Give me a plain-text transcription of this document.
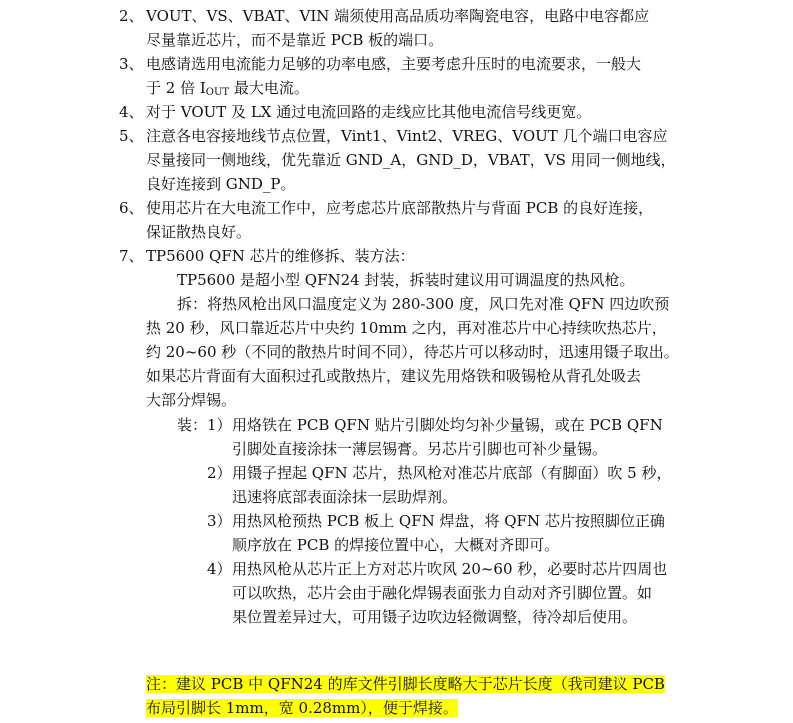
2、 VOUT、VS、VBAT、VIN 端须使用高品质功率陶瓷电容，电路中电容都应
尽量靠近芯片，而不是靠近 PCB 板的端口。
3、 电感请选用电流能力足够的功率电感，主要考虑升压时的电流要求，一般大
于 2 倍 $I_{OUT}$ 最大电流。
4、 对于 VOUT 及 LX 通过电流回路的走线应比其他电流信号线更宽。
5、 注意各电容接地线节点位置，Vint1、Vint2、VREG、VOUT 几个端口电容应
尽量接同一侧地线，优先靠近 GND_A，GND_D，VBAT，VS 用同一侧地线，
良好连接到 GND_P。
6、 使用芯片在大电流工作中，应考虑芯片底部散热片与背面 PCB 的良好连接，
保证散热良好。
7、 TP5600 QFN 芯片的维修拆、装方法：
TP5600 是超小型 QFN24 封装，拆装时建议用可调温度的热风枪。
拆：将热风枪出风口温度定义为 280-300 度，风口先对准 QFN 四边吹预
热 20 秒，风口靠近芯片中央约 10mm 之内，再对准芯片中心持续吹热芯片，
约 20~60 秒（不同的散热片时间不同），待芯片可以移动时，迅速用镊子取出。
如果芯片背面有大面积过孔或散热片，建议先用烙铁和吸锡枪从背孔处吸去
大部分焊锡。
装： 1） 用烙铁在 PCB QFN 贴片引脚处均匀补少量锡，或在 PCB QFN
引脚处直接涂抹一薄层锡膏。另芯片引脚也可补少量锡。
2） 用镊子捏起 QFN 芯片，热风枪对准芯片底部（有脚面）吹 5 秒，
迅速将底部表面涂抹一层助焊剂。
3） 用热风枪预热 PCB 板上 QFN 焊盘，将 QFN 芯片按照脚位正确
顺序放在 PCB 的焊接位置中心，大概对齐即可。
4） 用热风枪从芯片正上方对芯片吹风 20~60 秒，必要时芯片四周也
可以吹热，芯片会由于融化焊锡表面张力自动对齐引脚位置。如
果位置差异过大，可用镊子边吹边轻微调整，待冷却后使用。
注：建议 PCB 中 QFN24 的库文件引脚长度略大于芯片长度（我司建议 PCB
布局引脚长 1mm，宽 0.28mm），便于焊接。
